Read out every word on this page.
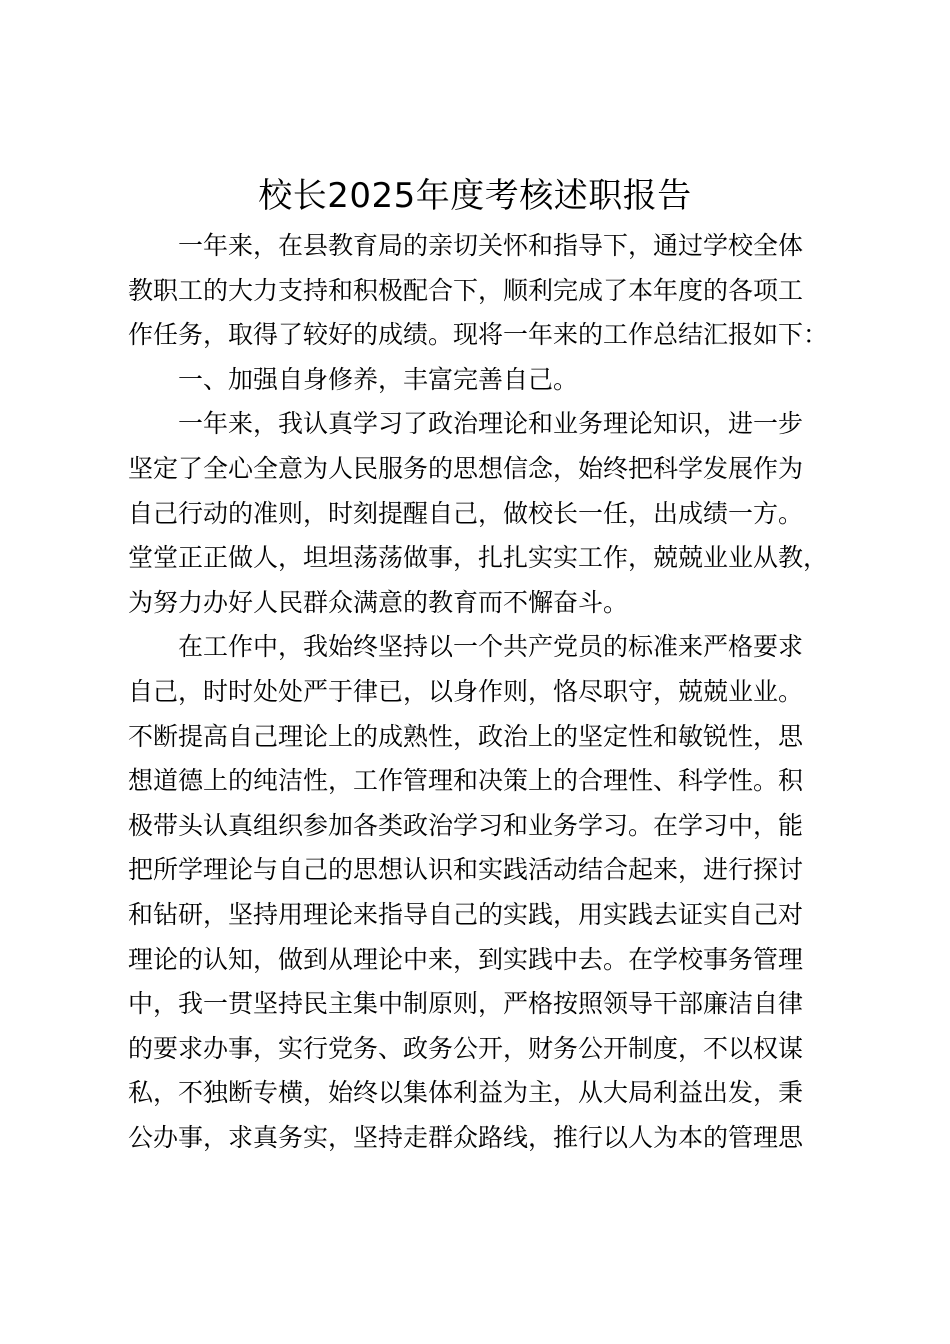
校长2025年度考核述职报告

一年来，在县教育局的亲切关怀和指导下，通过学校全体

教职工的大力支持和积极配合下，顺利完成了本年度的各项工

作任务，取得了较好的成绩。现将一年来的工作总结汇报如下：

一、加强自身修养，丰富完善自己。

一年来，我认真学习了政治理论和业务理论知识，进一步

坚定了全心全意为人民服务的思想信念，始终把科学发展作为

自己行动的准则，时刻提醒自己，做校长一任，出成绩一方。

堂堂正正做人，坦坦荡荡做事，扎扎实实工作，兢兢业业从教，

为努力办好人民群众满意的教育而不懈奋斗。

在工作中，我始终坚持以一个共产党员的标准来严格要求

自己，时时处处严于律已，以身作则，恪尽职守，兢兢业业。

不断提高自己理论上的成熟性，政治上的坚定性和敏锐性，思

想道德上的纯洁性，工作管理和决策上的合理性、科学性。积

极带头认真组织参加各类政治学习和业务学习。在学习中，能

把所学理论与自己的思想认识和实践活动结合起来，进行探讨

和钻研，坚持用理论来指导自己的实践，用实践去证实自己对

理论的认知，做到从理论中来，到实践中去。在学校事务管理

中，我一贯坚持民主集中制原则，严格按照领导干部廉洁自律

的要求办事，实行党务、政务公开，财务公开制度，不以权谋

私，不独断专横，始终以集体利益为主，从大局利益出发，秉

公办事，求真务实，坚持走群众路线，推行以人为本的管理思
